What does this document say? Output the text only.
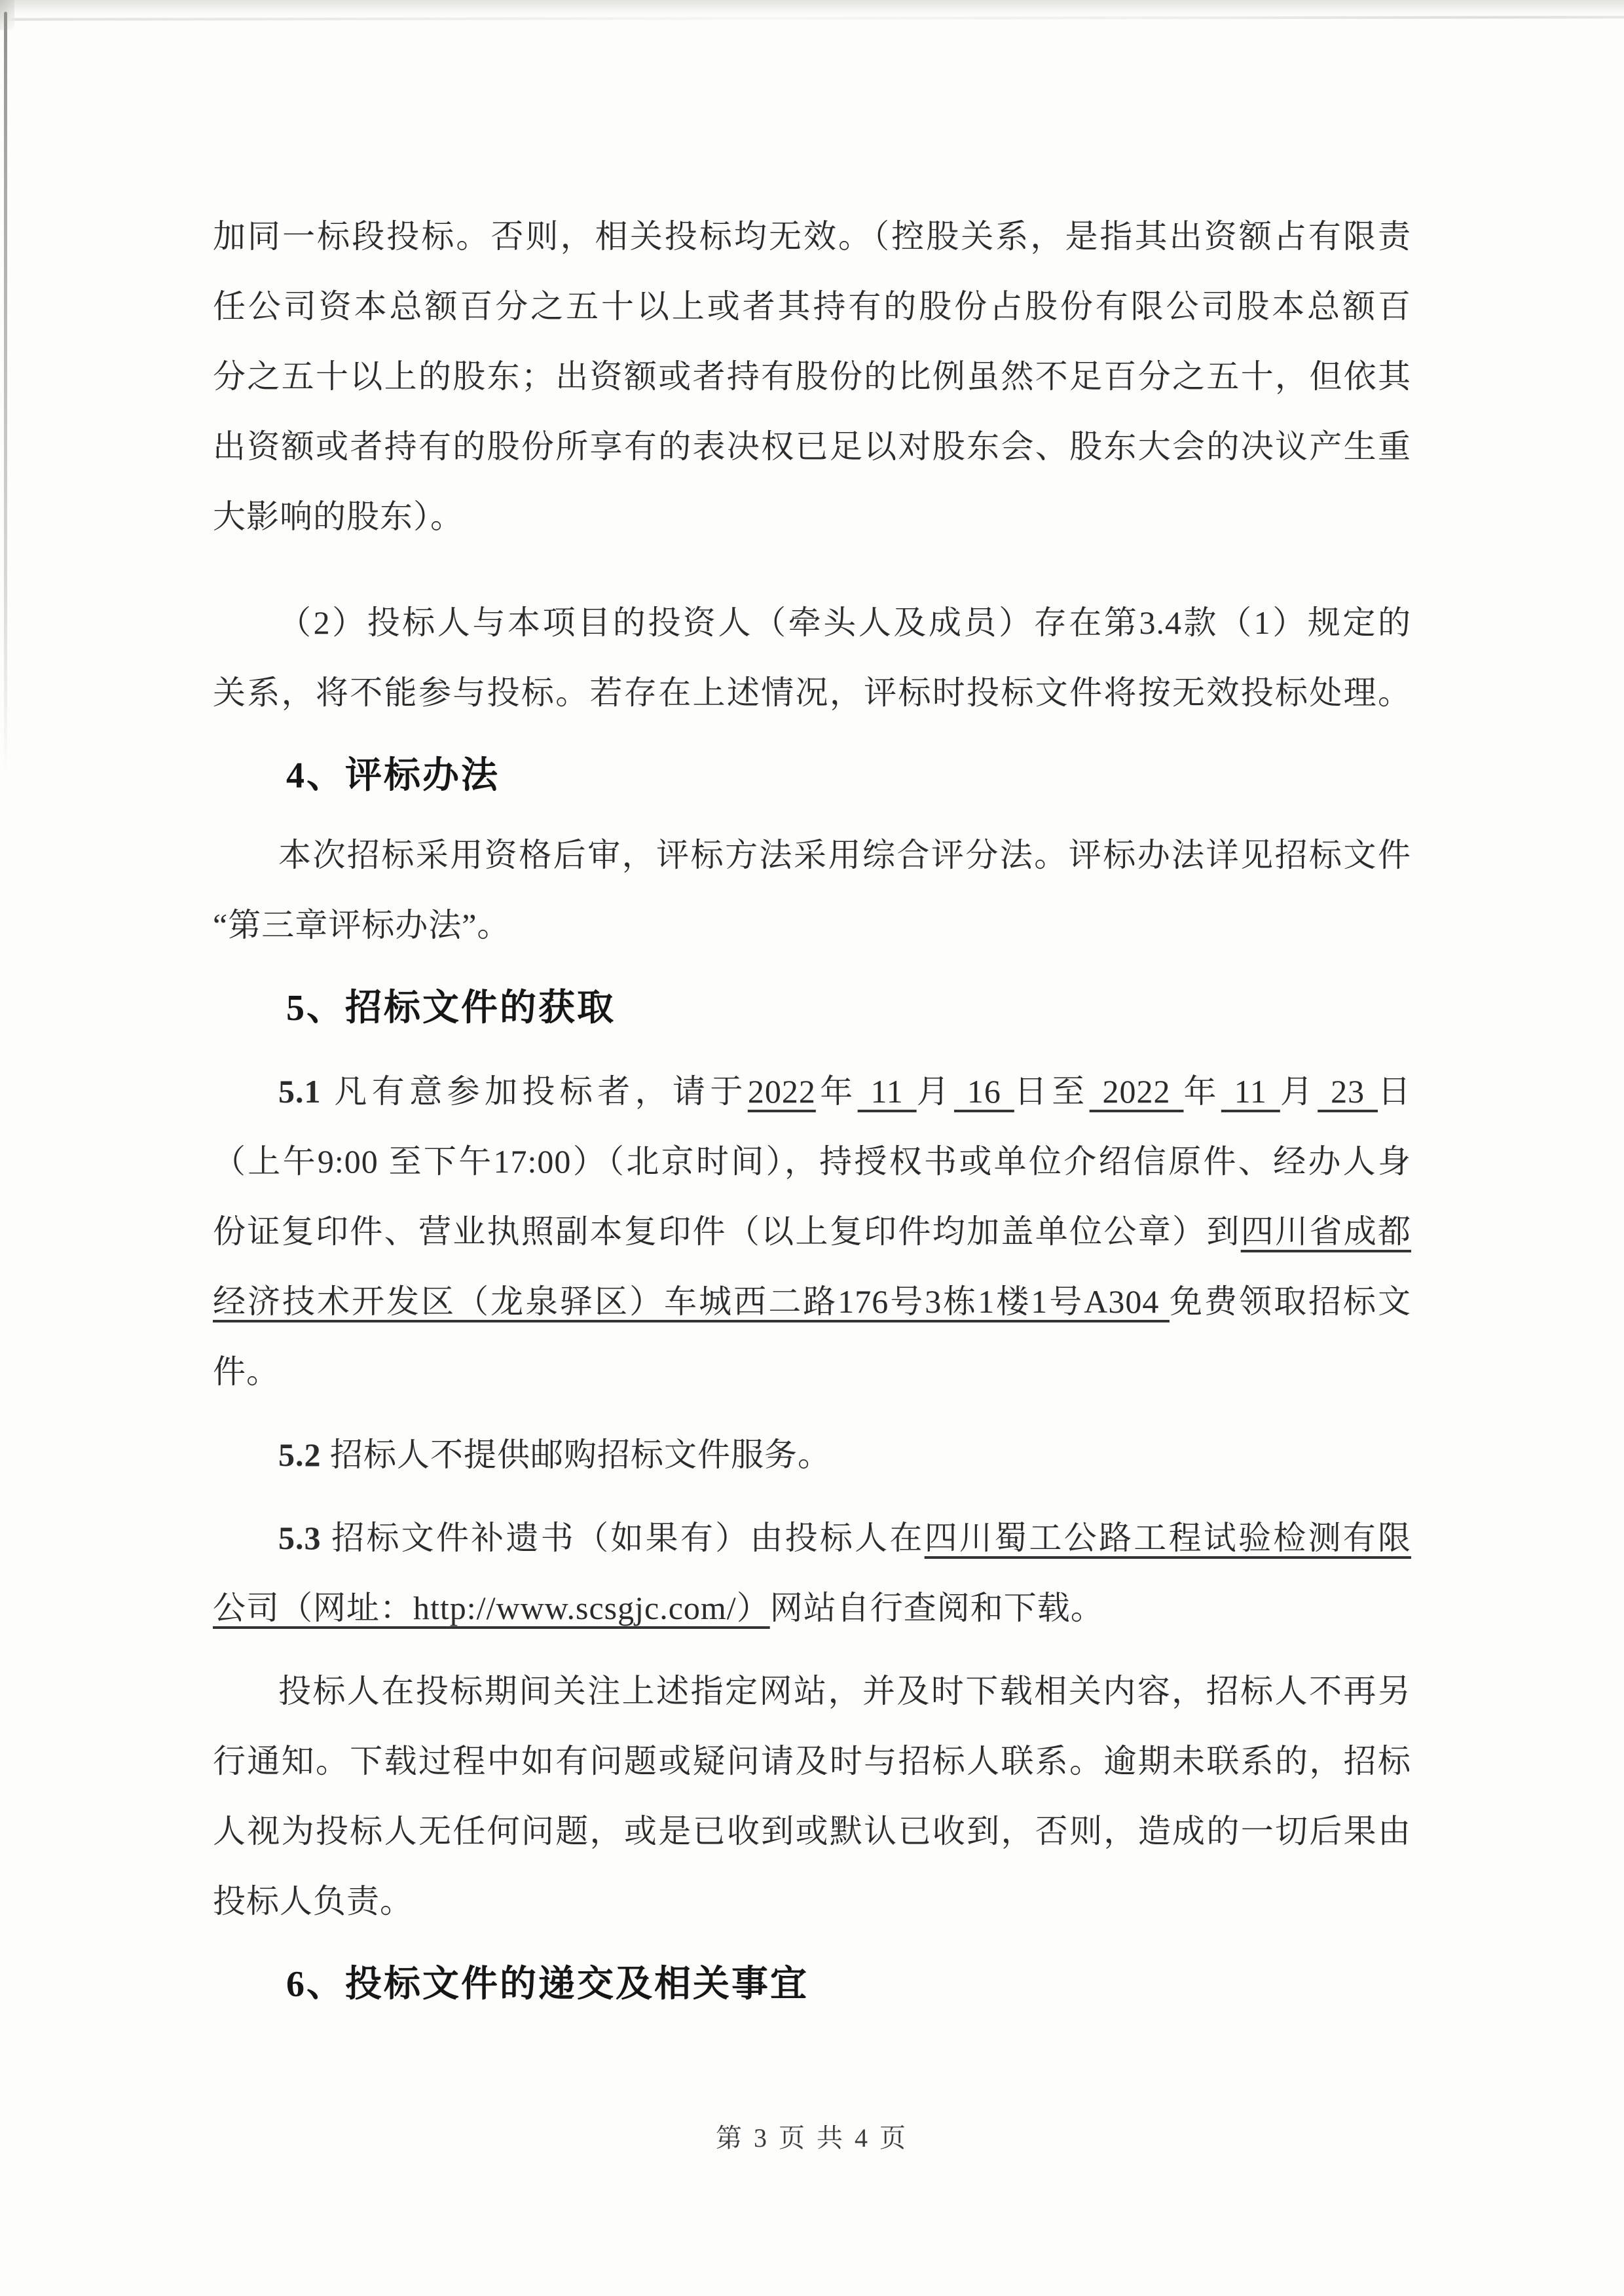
加同一标段投标。否则，相关投标均无效。（控股关系，是指其出资额占有限责
任公司资本总额百分之五十以上或者其持有的股份占股份有限公司股本总额百
分之五十以上的股东；出资额或者持有股份的比例虽然不足百分之五十，但依其
出资额或者持有的股份所享有的表决权已足以对股东会、股东大会的决议产生重
大影响的股东）。
（2）投标人与本项目的投资人（牵头人及成员）存在第3.4款（1）规定的
关系，将不能参与投标。若存在上述情况，评标时投标文件将按无效投标处理。
4、评标办法
本次招标采用资格后审，评标方法采用综合评分法。评标办法详见招标文件
“第三章评标办法”。
5、招标文件的获取
5.1 凡有意参加投标者，请于2022年 11 月 16 日至 2022 年 11 月 23 日
（上午9:00 至下午17:00）（北京时间），持授权书或单位介绍信原件、经办人身
份证复印件、营业执照副本复印件（以上复印件均加盖单位公章）到四川省成都
经济技术开发区（龙泉驿区）车城西二路176号3栋1楼1号A304 免费领取招标文
件。
5.2 招标人不提供邮购招标文件服务。
5.3 招标文件补遗书（如果有）由投标人在四川蜀工公路工程试验检测有限
公司（网址：http://www.scsgjc.com/）网站自行查阅和下载。
投标人在投标期间关注上述指定网站，并及时下载相关内容，招标人不再另
行通知。下载过程中如有问题或疑问请及时与招标人联系。逾期未联系的，招标
人视为投标人无任何问题，或是已收到或默认已收到，否则，造成的一切后果由
投标人负责。
6、投标文件的递交及相关事宜
第 3 页 共 4 页
